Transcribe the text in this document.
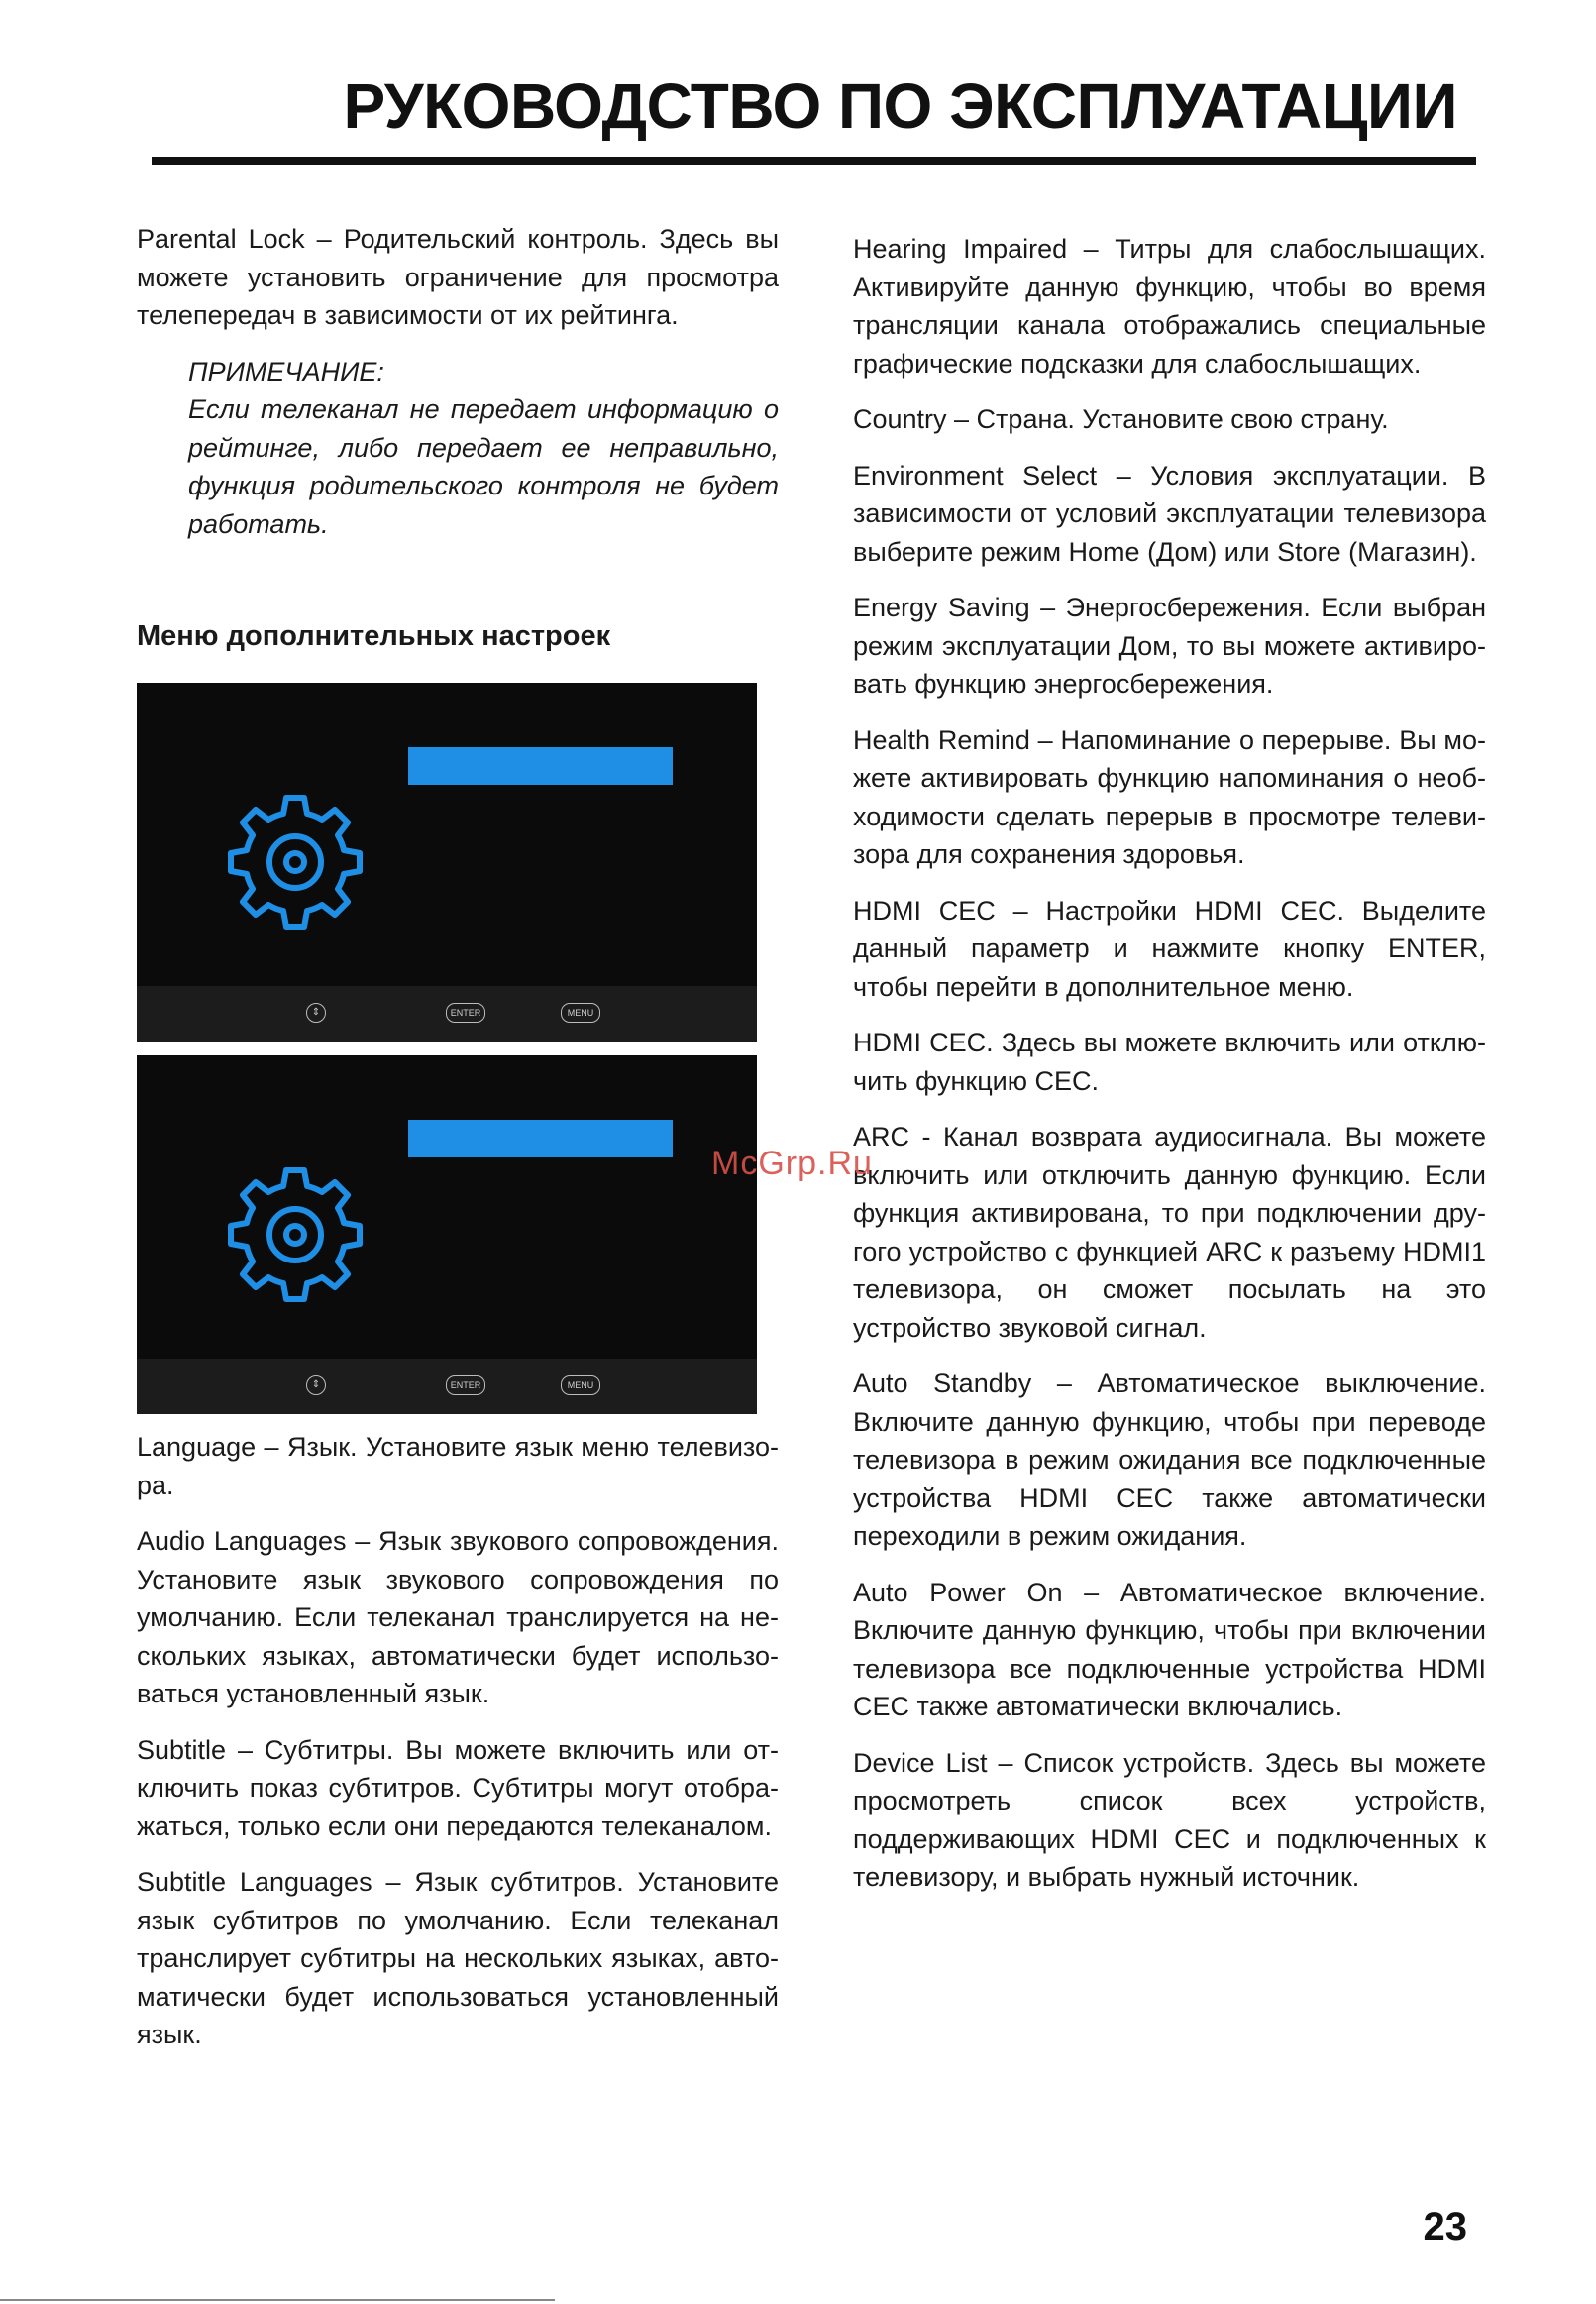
РУКОВОДСТВО ПО ЭКСПЛУАТАЦИИ

Parental Lock – Родительский контроль. Здесь вы можете установить ограничение для просмотра телепередач в зависимости от их рейтинга.

ПРИМЕЧАНИЕ:

Если телеканал не передает информацию о рейтинге, либо передает ее неправильно, функция родительского контроля не будет работать.

Меню дополнительных настроек
⇕	ENTER	MENU
⇕	ENTER	MENU

Language – Язык. Установите язык меню телевизора.

Audio Languages – Язык звукового сопровождения. Установите язык звукового сопровождения по умолчанию. Если телеканал транслируется на нескольких языках, автоматически будет использоваться установленный язык.

Subtitle – Субтитры. Вы можете включить или отключить показ субтитров. Субтитры могут отображаться, только если они передаются телеканалом.

Subtitle Languages – Язык субтитров. Установите язык субтитров по умолчанию. Если телеканал транслирует субтитры на нескольких языках, автоматически будет использоваться установленный язык.

Hearing Impaired – Титры для слабослышащих. Активируйте данную функцию, чтобы во время трансляции канала отображались специальные графические подсказки для слабослышащих.

Country – Страна. Установите свою страну.

Environment Select – Условия эксплуатации. В зависимости от условий эксплуатации телевизора выберите режим Home (Дом) или Store (Магазин).

Energy Saving – Энергосбережения. Если выбран режим эксплуатации Дом, то вы можете активировать функцию энергосбережения.

Health Remind – Напоминание о перерыве. Вы можете активировать функцию напоминания о необходимости сделать перерыв в просмотре телевизора для сохранения здоровья.

HDMI CEC – Настройки HDMI CEC. Выделите данный параметр и нажмите кнопку ENTER, чтобы перейти в дополнительное меню.

HDMI CEC. Здесь вы можете включить или отключить функцию CEC.

ARC - Канал возврата аудиосигнала. Вы можете включить или отключить данную функцию. Если функция активирована, то при подключении другого устройство с функцией ARC к разъему HDMI1 телевизора, он сможет посылать на это устройство звуковой сигнал.

Auto Standby – Автоматическое выключение. Включите данную функцию, чтобы при переводе телевизора в режим ожидания все подключенные устройства HDMI CEC также автоматически переходили в режим ожидания.

Auto Power On – Автоматическое включение. Включите данную функцию, чтобы при включении телевизора все подключенные устройства HDMI CEC также автоматически включались.

Device List – Список устройств. Здесь вы можете просмотреть список всех устройств, поддерживающих HDMI CEC и подключенных к телевизору, и выбрать нужный источник.

McGrp.Ru
23
